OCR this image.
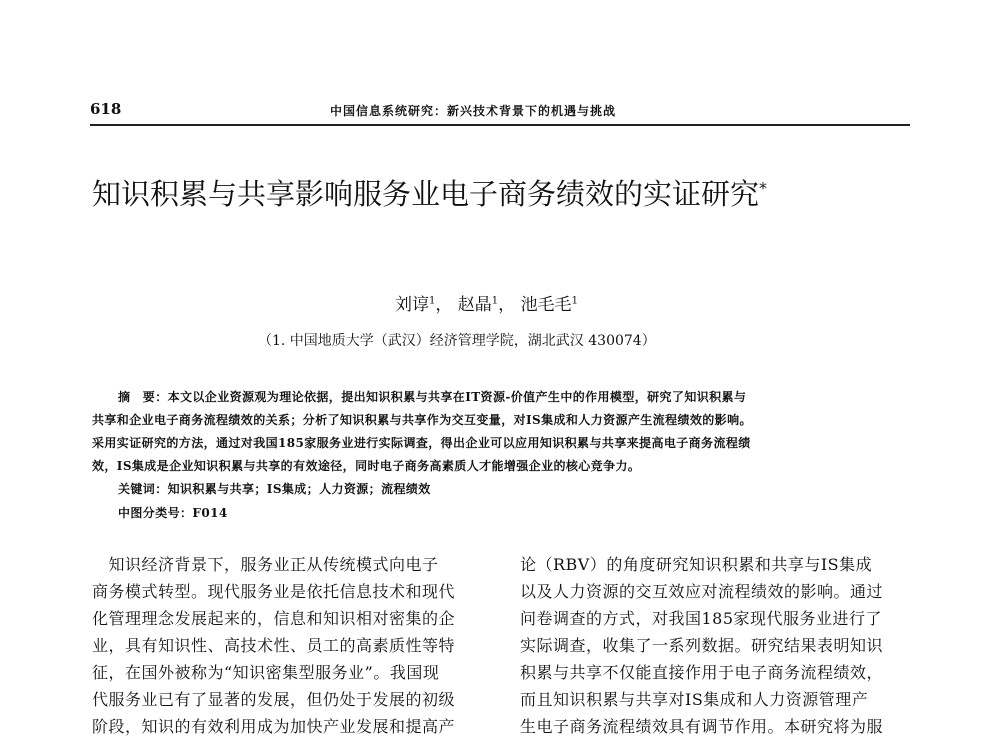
618	中国信息系统研究：新兴技术背景下的机遇与挑战
知识积累与共享影响服务业电子商务绩效的实证研究*
刘谆$^1$， 赵晶$^1$， 池毛毛$^1$
（1. 中国地质大学（武汉）经济管理学院，湖北武汉 430074）
摘　要：本文以企业资源观为理论依据，提出知识积累与共享在IT资源-价值产生中的作用模型，研究了知识积累与
共享和企业电子商务流程绩效的关系；分析了知识积累与共享作为交互变量，对IS集成和人力资源产生流程绩效的影响。
采用实证研究的方法，通过对我国185家服务业进行实际调查，得出企业可以应用知识积累与共享来提高电子商务流程绩
效，IS集成是企业知识积累与共享的有效途径，同时电子商务高素质人才能增强企业的核心竞争力。
关键词：知识积累与共享；IS集成；人力资源；流程绩效
中图分类号：F014
　知识经济背景下，服务业正从传统模式向电子
商务模式转型。现代服务业是依托信息技术和现代
化管理理念发展起来的，信息和知识相对密集的企
业，具有知识性、高技术性、员工的高素质性等特
征，在国外被称为“知识密集型服务业”。我国现
代服务业已有了显著的发展，但仍处于发展的初级
阶段，知识的有效利用成为加快产业发展和提高产
论（RBV）的角度研究知识积累和共享与IS集成
以及人力资源的交互效应对流程绩效的影响。通过
问卷调查的方式，对我国185家现代服务业进行了
实际调查，收集了一系列数据。研究结果表明知识
积累与共享不仅能直接作用于电子商务流程绩效，
而且知识积累与共享对IS集成和人力资源管理产
生电子商务流程绩效具有调节作用。本研究将为服
